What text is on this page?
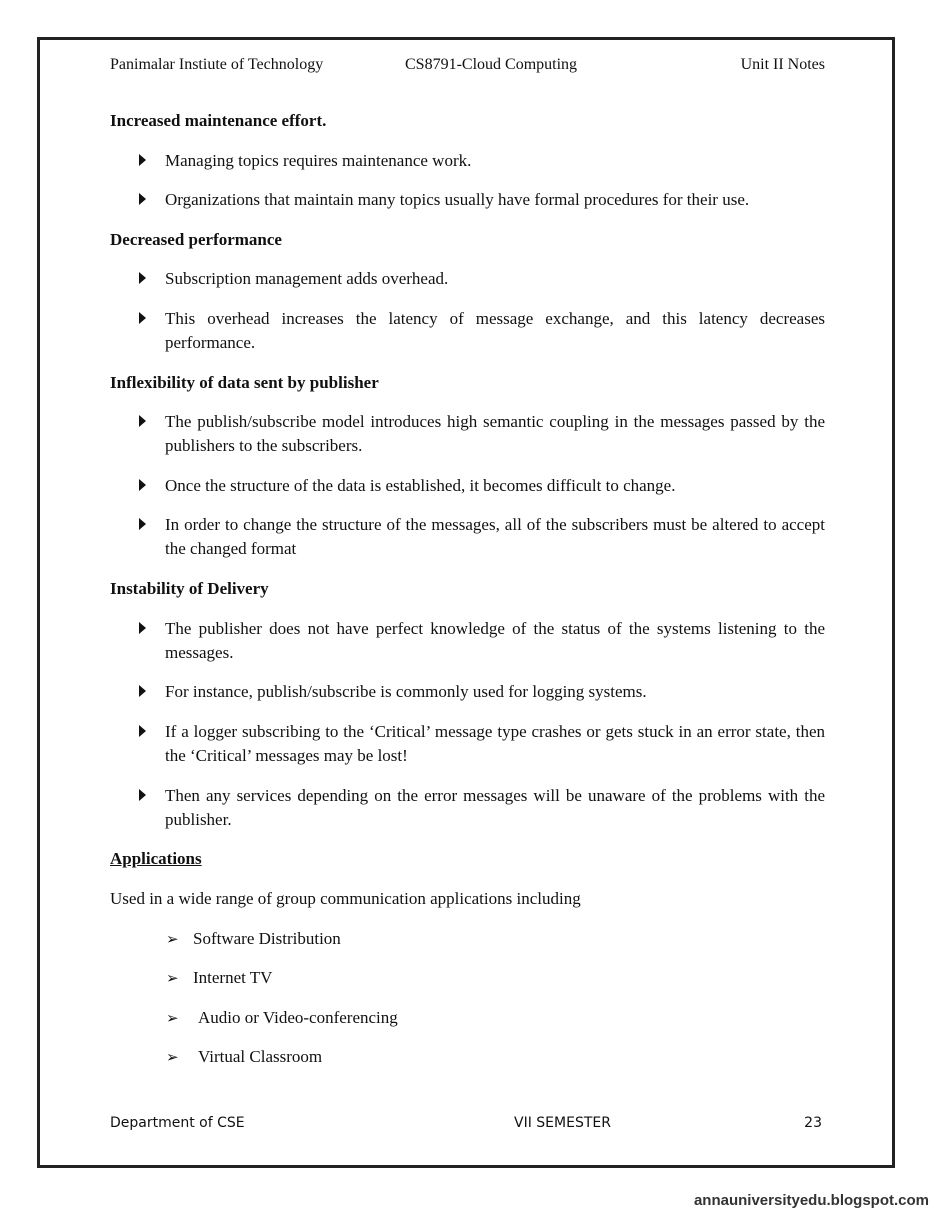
Panimalar Instiute of Technology	CS8791-Cloud Computing	Unit II Notes
Increased maintenance effort.
Managing topics requires maintenance work.
Organizations that maintain many topics usually have formal procedures for their use.
Decreased performance
Subscription management adds overhead.
This overhead increases the latency of message exchange, and this latency decreases performance.
Inflexibility of data sent by publisher
The publish/subscribe model introduces high semantic coupling in the messages passed by the publishers to the subscribers.
Once the structure of the data is established, it becomes difficult to change.
In order to change the structure of the messages, all of the subscribers must be altered to accept the changed format
Instability of Delivery
The publisher does not have perfect knowledge of the status of the systems listening to the messages.
For instance, publish/subscribe is commonly used for logging systems.
If a logger subscribing to the ‘Critical’ message type crashes or gets stuck in an error state, then the ‘Critical’ messages may be lost!
Then any services depending on the error messages will be unaware of the problems with the publisher.
Applications
Used in a wide range of group communication applications including
➢ Software Distribution
➢ Internet TV
➢ Audio or Video-conferencing
➢ Virtual Classroom
Department of CSE	VII SEMESTER	23
annauniversityedu.blogspot.com
